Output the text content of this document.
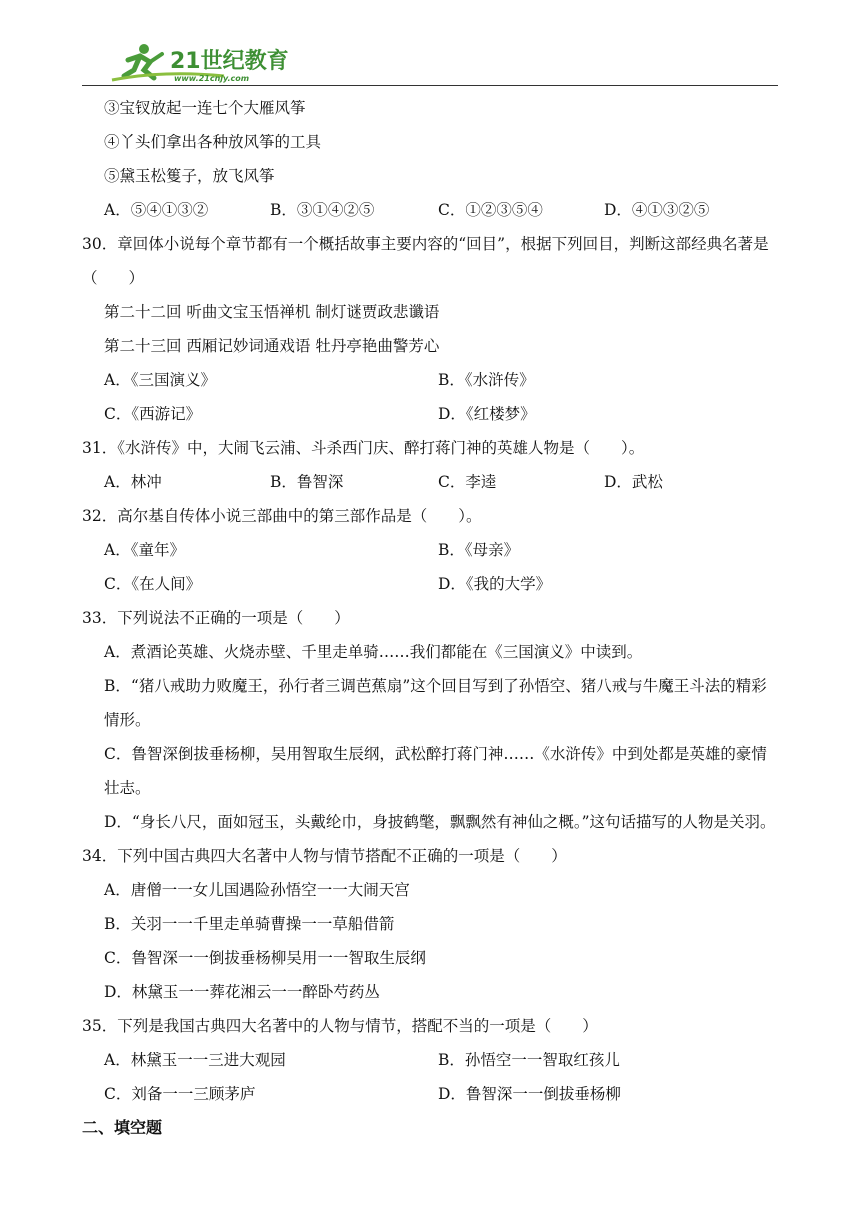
21世纪教育
www.21cnjy.com
③宝钗放起一连七个大雁风筝
④丫头们拿出各种放风筝的工具
⑤黛玉松篗子，放飞风筝
A．⑤④①③②	B．③①④②⑤	C．①②③⑤④	D．④①③②⑤
30．章回体小说每个章节都有一个概括故事主要内容的“回目”，根据下列回目，判断这部经典名著是
（　　）
第二十二回 听曲文宝玉悟禅机 制灯谜贾政悲谶语
第二十三回 西厢记妙词通戏语 牡丹亭艳曲警芳心
A．《三国演义》	B．《水浒传》
C．《西游记》	D．《红楼梦》
31．《水浒传》中，大闹飞云浦、斗杀西门庆、醉打蒋门神的英雄人物是（　　）。
A．林冲	B．鲁智深	C．李逵	D．武松
32．高尔基自传体小说三部曲中的第三部作品是（　　）。
A．《童年》	B．《母亲》
C．《在人间》	D．《我的大学》
33．下列说法不正确的一项是（　　）
A．煮酒论英雄、火烧赤壁、千里走单骑……我们都能在《三国演义》中读到。
B．“猪八戒助力败魔王，孙行者三调芭蕉扇”这个回目写到了孙悟空、猪八戒与牛魔王斗法的精彩情形。
C．鲁智深倒拔垂杨柳，吴用智取生辰纲，武松醉打蒋门神……《水浒传》中到处都是英雄的豪情壮志。
D．“身长八尺，面如冠玉，头戴纶巾，身披鹤氅，飘飘然有神仙之概。”这句话描写的人物是关羽。
34．下列中国古典四大名著中人物与情节搭配不正确的一项是（　　）
A．唐僧一一女儿国遇险孙悟空一一大闹天宫
B．关羽一一千里走单骑曹操一一草船借箭
C．鲁智深一一倒拔垂杨柳吴用一一智取生辰纲
D．林黛玉一一葬花湘云一一醉卧芍药丛
35．下列是我国古典四大名著中的人物与情节，搭配不当的一项是（　　）
A．林黛玉一一三进大观园	B．孙悟空一一智取红孩儿
C．刘备一一三顾茅庐	D．鲁智深一一倒拔垂杨柳
二、填空题
